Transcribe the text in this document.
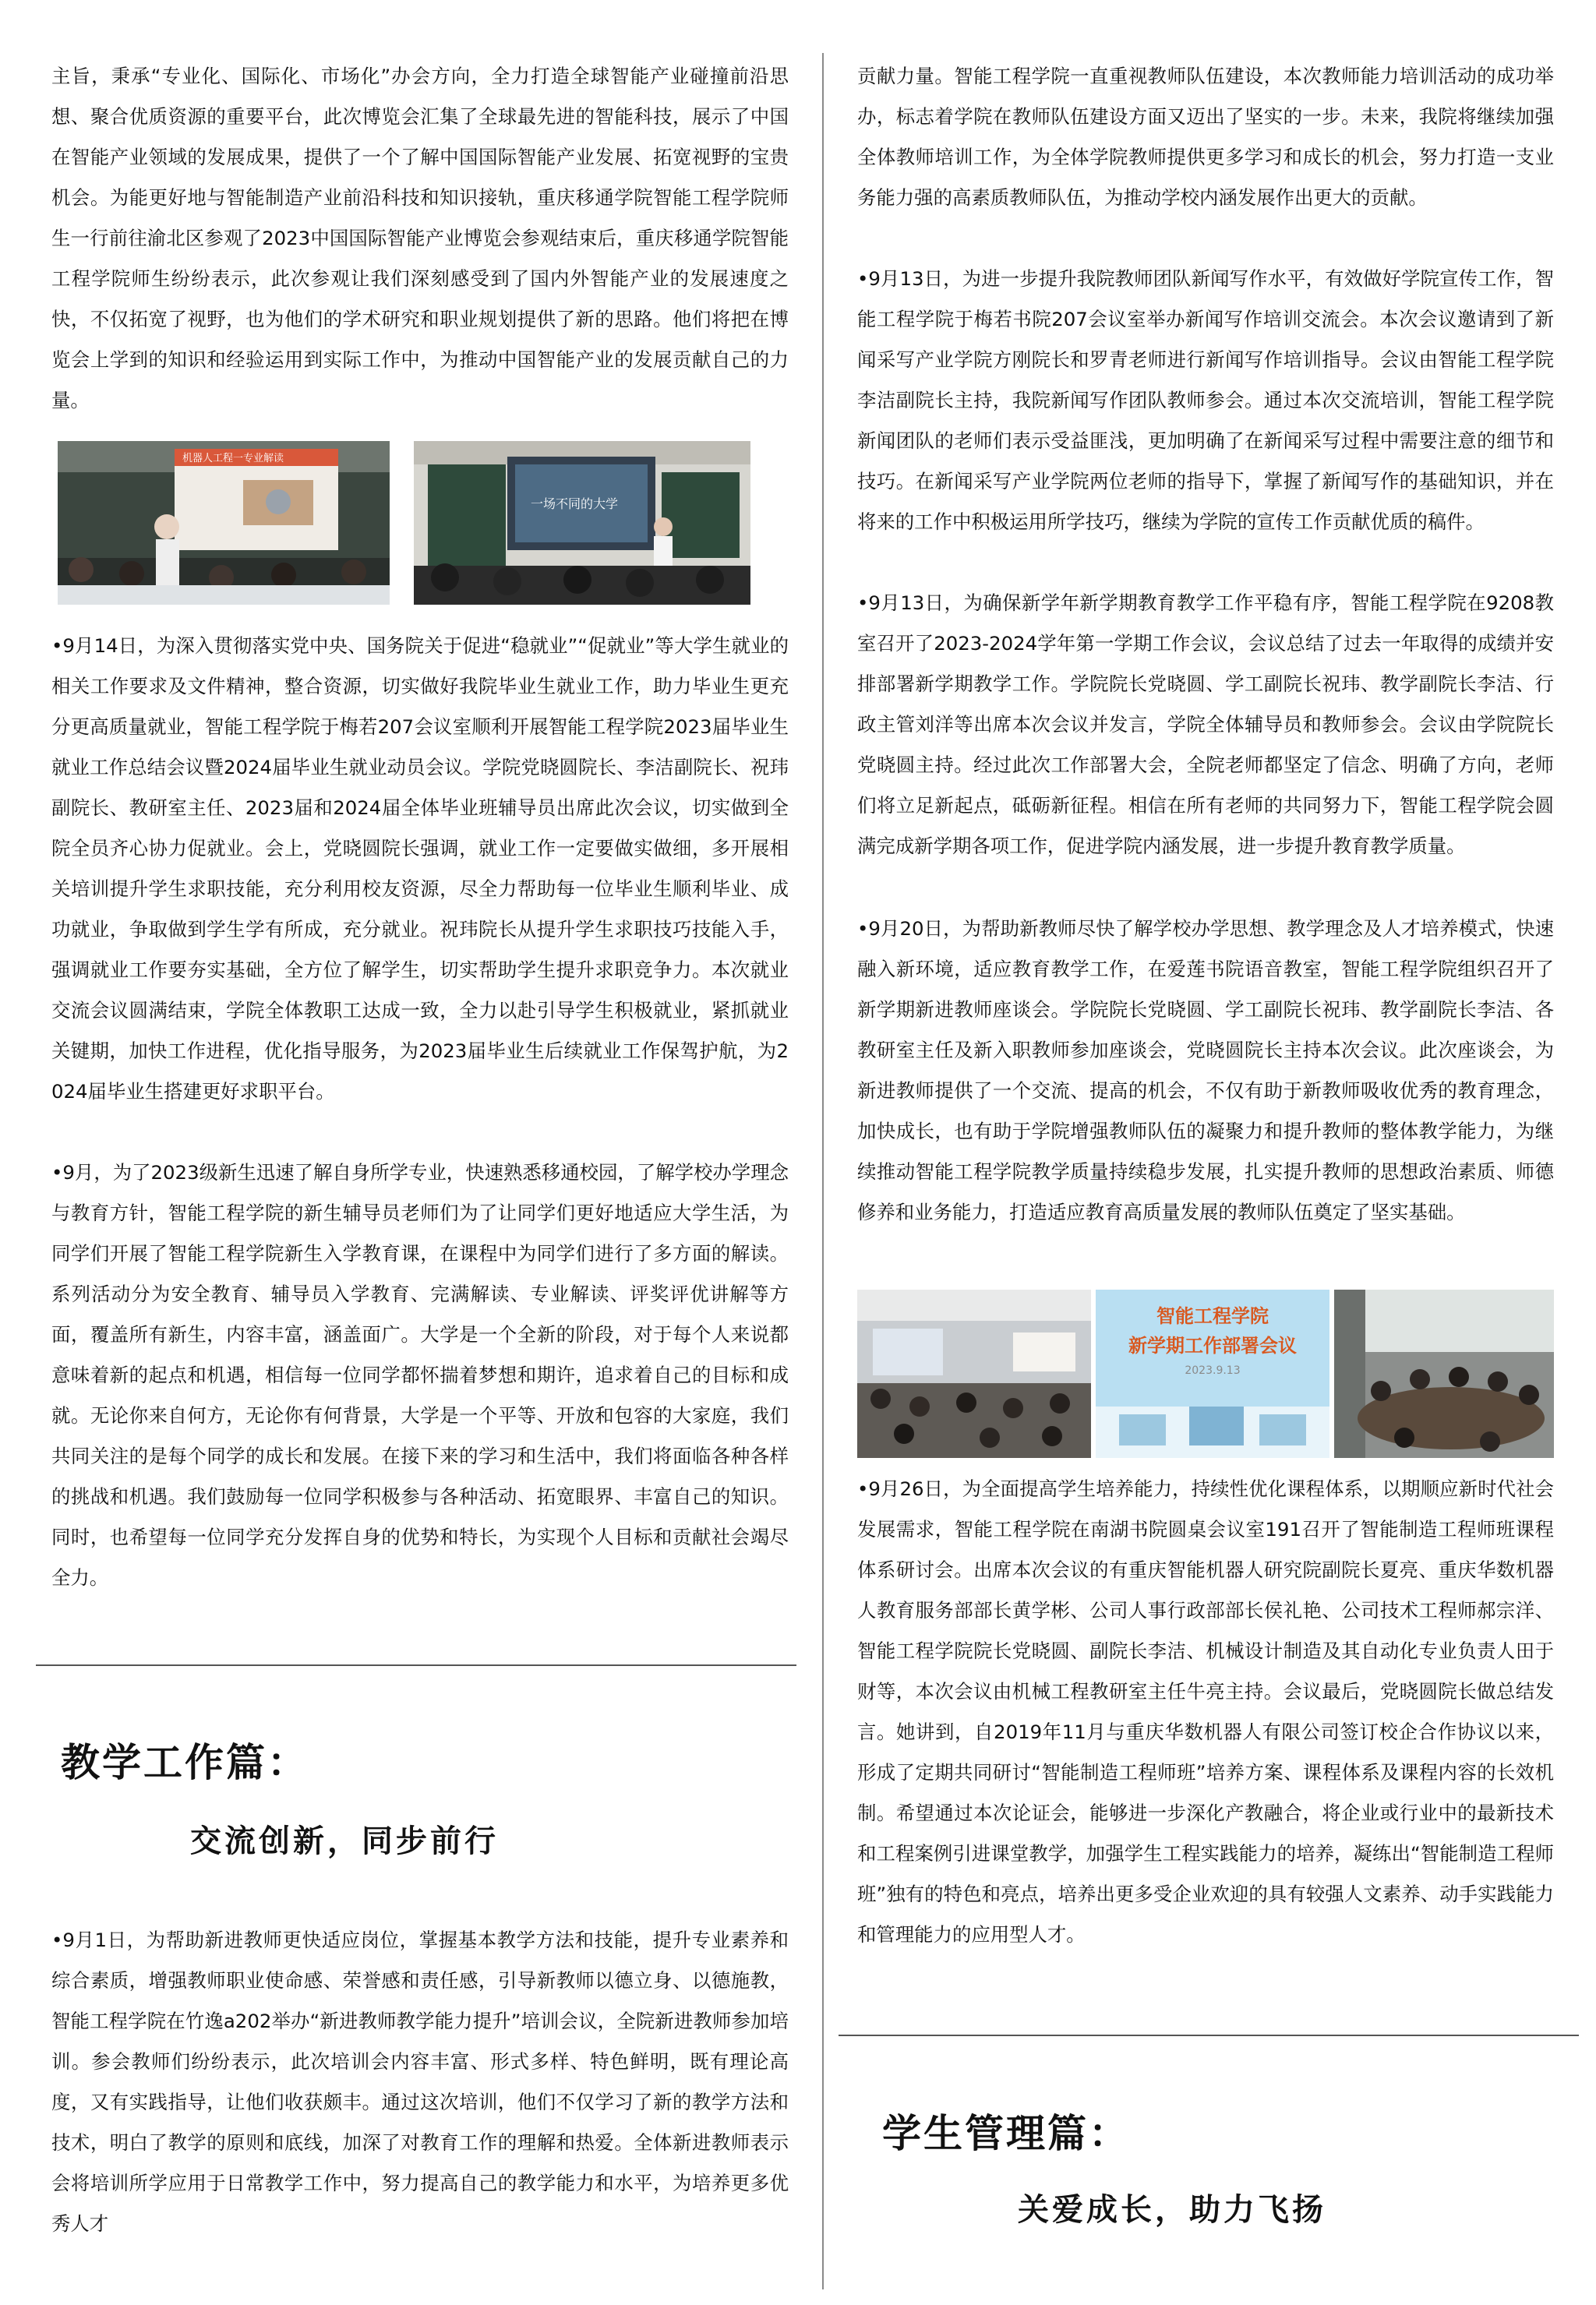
主旨，秉承“专业化、国际化、市场化”办会方向，全力打造全球智能产业碰撞前沿思想、聚合优质资源的重要平台，此次博览会汇集了全球最先进的智能科技，展示了中国在智能产业领域的发展成果，提供了一个了解中国国际智能产业发展、拓宽视野的宝贵机会。为能更好地与智能制造产业前沿科技和知识接轨，重庆移通学院智能工程学院师生一行前往渝北区参观了2023中国国际智能产业博览会参观结束后，重庆移通学院智能工程学院师生纷纷表示，此次参观让我们深刻感受到了国内外智能产业的发展速度之快，不仅拓宽了视野，也为他们的学术研究和职业规划提供了新的思路。他们将把在博览会上学到的知识和经验运用到实际工作中，为推动中国智能产业的发展贡献自己的力量。

机器人工程一专业解读
一场不同的大学

•9月14日，为深入贯彻落实党中央、国务院关于促进“稳就业”“促就业”等大学生就业的相关工作要求及文件精神，整合资源，切实做好我院毕业生就业工作，助力毕业生更充分更高质量就业，智能工程学院于梅若207会议室顺利开展智能工程学院2023届毕业生就业工作总结会议暨2024届毕业生就业动员会议。学院党晓圆院长、李洁副院长、祝玮副院长、教研室主任、2023届和2024届全体毕业班辅导员出席此次会议，切实做到全院全员齐心协力促就业。会上，党晓圆院长强调，就业工作一定要做实做细，多开展相关培训提升学生求职技能，充分利用校友资源，尽全力帮助每一位毕业生顺利毕业、成功就业，争取做到学生学有所成，充分就业。祝玮院长从提升学生求职技巧技能入手，强调就业工作要夯实基础，全方位了解学生，切实帮助学生提升求职竞争力。本次就业交流会议圆满结束，学院全体教职工达成一致，全力以赴引导学生积极就业，紧抓就业关键期，加快工作进程，优化指导服务，为2023届毕业生后续就业工作保驾护航，为2024届毕业生搭建更好求职平台。

•9月，为了2023级新生迅速了解自身所学专业，快速熟悉移通校园，了解学校办学理念与教育方针，智能工程学院的新生辅导员老师们为了让同学们更好地适应大学生活，为同学们开展了智能工程学院新生入学教育课，在课程中为同学们进行了多方面的解读。系列活动分为安全教育、辅导员入学教育、完满解读、专业解读、评奖评优讲解等方面，覆盖所有新生，内容丰富，涵盖面广。大学是一个全新的阶段，对于每个人来说都意味着新的起点和机遇，相信每一位同学都怀揣着梦想和期许，追求着自己的目标和成就。无论你来自何方，无论你有何背景，大学是一个平等、开放和包容的大家庭，我们共同关注的是每个同学的成长和发展。在接下来的学习和生活中，我们将面临各种各样的挑战和机遇。我们鼓励每一位同学积极参与各种活动、拓宽眼界、丰富自己的知识。同时，也希望每一位同学充分发挥自身的优势和特长，为实现个人目标和贡献社会竭尽全力。

教学工作篇：
交流创新，同步前行

•9月1日，为帮助新进教师更快适应岗位，掌握基本教学方法和技能，提升专业素养和综合素质，增强教师职业使命感、荣誉感和责任感，引导新教师以德立身、以德施教，智能工程学院在竹逸a202举办“新进教师教学能力提升”培训会议，全院新进教师参加培训。参会教师们纷纷表示，此次培训会内容丰富、形式多样、特色鲜明，既有理论高度，又有实践指导，让他们收获颇丰。通过这次培训，他们不仅学习了新的教学方法和技术，明白了教学的原则和底线，加深了对教育工作的理解和热爱。全体新进教师表示会将培训所学应用于日常教学工作中，努力提高自己的教学能力和水平，为培养更多优秀人才

贡献力量。智能工程学院一直重视教师队伍建设，本次教师能力培训活动的成功举办，标志着学院在教师队伍建设方面又迈出了坚实的一步。未来，我院将继续加强全体教师培训工作，为全体学院教师提供更多学习和成长的机会，努力打造一支业务能力强的高素质教师队伍，为推动学校内涵发展作出更大的贡献。

•9月13日，为进一步提升我院教师团队新闻写作水平，有效做好学院宣传工作，智能工程学院于梅若书院207会议室举办新闻写作培训交流会。本次会议邀请到了新闻采写产业学院方刚院长和罗青老师进行新闻写作培训指导。会议由智能工程学院李洁副院长主持，我院新闻写作团队教师参会。通过本次交流培训，智能工程学院新闻团队的老师们表示受益匪浅，更加明确了在新闻采写过程中需要注意的细节和技巧。在新闻采写产业学院两位老师的指导下，掌握了新闻写作的基础知识，并在将来的工作中积极运用所学技巧，继续为学院的宣传工作贡献优质的稿件。

•9月13日，为确保新学年新学期教育教学工作平稳有序，智能工程学院在9208教室召开了2023-2024学年第一学期工作会议，会议总结了过去一年取得的成绩并安排部署新学期教学工作。学院院长党晓圆、学工副院长祝玮、教学副院长李洁、行政主管刘洋等出席本次会议并发言，学院全体辅导员和教师参会。会议由学院院长党晓圆主持。经过此次工作部署大会，全院老师都坚定了信念、明确了方向，老师们将立足新起点，砥砺新征程。相信在所有老师的共同努力下，智能工程学院会圆满完成新学期各项工作，促进学院内涵发展，进一步提升教育教学质量。

•9月20日，为帮助新教师尽快了解学校办学思想、教学理念及人才培养模式，快速融入新环境，适应教育教学工作，在爱莲书院语音教室，智能工程学院组织召开了新学期新进教师座谈会。学院院长党晓圆、学工副院长祝玮、教学副院长李洁、各教研室主任及新入职教师参加座谈会，党晓圆院长主持本次会议。此次座谈会，为新进教师提供了一个交流、提高的机会，不仅有助于新教师吸收优秀的教育理念，加快成长，也有助于学院增强教师队伍的凝聚力和提升教师的整体教学能力，为继续推动智能工程学院教学质量持续稳步发展，扎实提升教师的思想政治素质、师德修养和业务能力，打造适应教育高质量发展的教师队伍奠定了坚实基础。

智能工程学院
新学期工作部署会议
2023.9.13

•9月26日，为全面提高学生培养能力，持续性优化课程体系，以期顺应新时代社会发展需求，智能工程学院在南湖书院圆桌会议室191召开了智能制造工程师班课程体系研讨会。出席本次会议的有重庆智能机器人研究院副院长夏亮、重庆华数机器人教育服务部部长黄学彬、公司人事行政部部长侯礼艳、公司技术工程师郝宗洋、智能工程学院院长党晓圆、副院长李洁、机械设计制造及其自动化专业负责人田于财等，本次会议由机械工程教研室主任牛亮主持。会议最后，党晓圆院长做总结发言。她讲到，自2019年11月与重庆华数机器人有限公司签订校企合作协议以来，形成了定期共同研讨“智能制造工程师班”培养方案、课程体系及课程内容的长效机制。希望通过本次论证会，能够进一步深化产教融合，将企业或行业中的最新技术和工程案例引进课堂教学，加强学生工程实践能力的培养，凝练出“智能制造工程师班”独有的特色和亮点，培养出更多受企业欢迎的具有较强人文素养、动手实践能力和管理能力的应用型人才。

学生管理篇：
关爱成长，助力飞扬
